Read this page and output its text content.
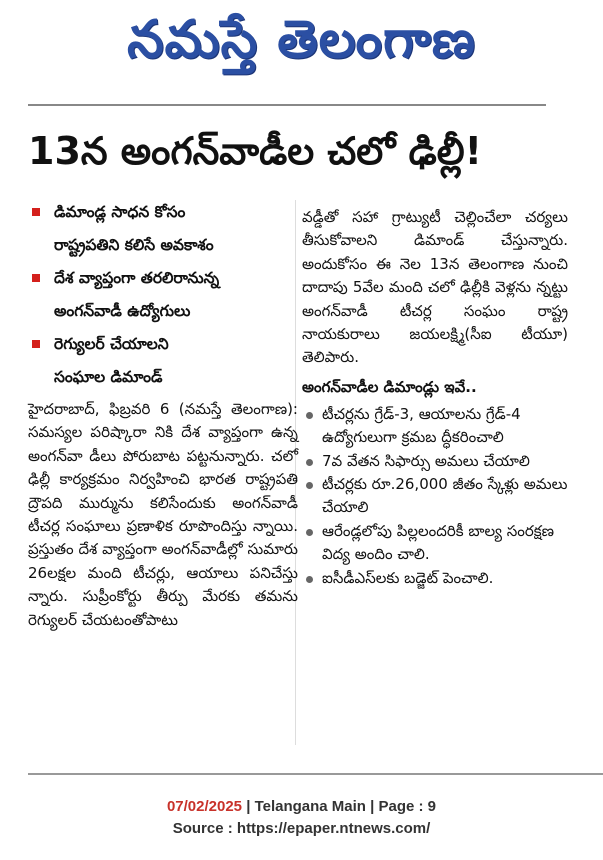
నమస్తే తెలంగాణ
13న అంగన్‌వాడీల చలో ఢిల్లీ!
డిమాండ్ల సాధన కోసం
రాష్ట్రపతిని కలిసే అవకాశం
దేశ వ్యాప్తంగా తరలిరానున్న
అంగన్‌వాడీ ఉద్యోగులు
రెగ్యులర్ చేయాలని
సంఘాల డిమాండ్

హైదరాబాద్, ఫిబ్రవరి 6 (నమస్తే తెలంగాణ): సమస్యల పరిష్కారా నికి దేశ వ్యాప్తంగా ఉన్న అంగన్‌వా డీలు పోరుబాట పట్టనున్నారు. చలో ఢిల్లీ కార్యక్రమం నిర్వహించి భారత రాష్ట్రపతి ద్రౌపది ముర్మును కలిసేందుకు అంగన్‌వాడీ టీచర్ల సంఘాలు ప్రణాళిక రూపొందిస్తు న్నాయి. ప్రస్తుతం దేశ వ్యాప్తంగా అంగన్‌వాడీల్లో సుమారు 26లక్షల మంది టీచర్లు, ఆయాలు పనిచేస్తు న్నారు. సుప్రీంకోర్టు తీర్పు మేరకు తమను రెగ్యులర్ చేయటంతోపాటు

వడ్డీతో సహా గ్రాట్యుటీ చెల్లించేలా చర్యలు తీసుకోవాలని డిమాండ్ చేస్తున్నారు. అందుకోసం ఈ నెల 13న తెలంగాణ నుంచి దాదాపు 5వేల మంది చలో ఢిల్లీకి వెళ్లను న్నట్టు అంగన్‌వాడీ టీచర్ల సంఘం రాష్ట్ర నాయకురాలు జయలక్ష్మి(సీఐ టీయూ) తెలిపారు.

అంగన్‌వాడీల డిమాండ్లు ఇవే..
టీచర్లను గ్రేడ్-3, ఆయాలను గ్రేడ్-4 ఉద్యోగులుగా క్రమబ ద్ధీకరించాలి
7వ వేతన సిఫార్సు అమలు చేయాలి
టీచర్లకు రూ.26,000 జీతం స్కేళ్లు అమలు చేయాలి
ఆరేండ్లలోపు పిల్లలందరికీ బాల్య సంరక్షణ విద్య అందిం చాలి.
ఐసీడీఎస్‌లకు బడ్జెట్ పెంచాలి.
07/02/2025 | Telangana Main | Page : 9
Source : https://epaper.ntnews.com/
